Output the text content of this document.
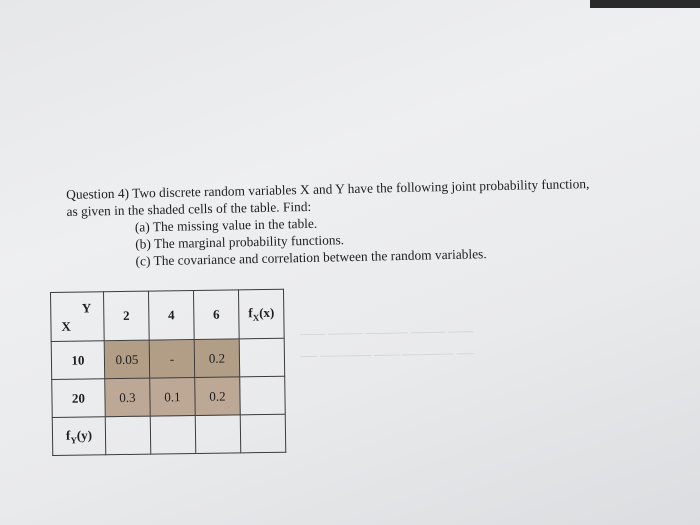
─── ──── ───── ──── ───
── ────── ─── ────── ──
Question 4) Two discrete random variables X and Y have the following joint probability function,
as given in the shaded cells of the table. Find:
(a) The missing value in the table.
(b) The marginal probability functions.
(c) The covariance and correlation between the random variables.
Y
X	2	4	6	$f_X(x)$
10	0.05	-	0.2	
20	0.3	0.1	0.2	
$f_Y(y)$				
